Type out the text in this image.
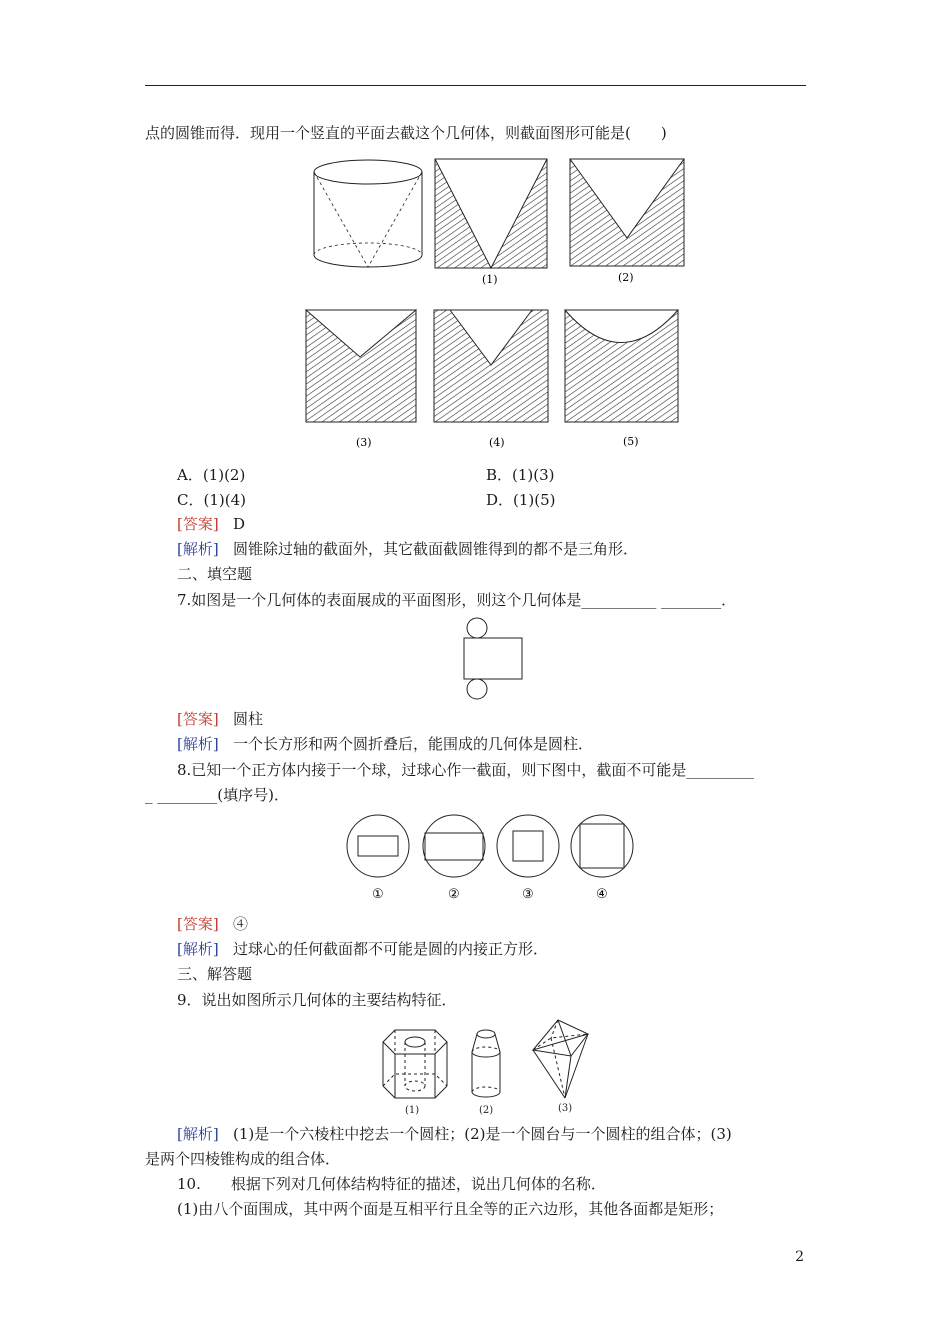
点的圆锥而得．现用一个竖直的平面去截这个几何体，则截面图形可能是(　　)
(1)	(2)
(3)	(4)	(5)
A．(1)(2)	B．(1)(3)
C．(1)(4)	D．(1)(5)
[答案] D
[解析] 圆锥除过轴的截面外，其它截面截圆锥得到的都不是三角形．
二、填空题
7.如图是一个几何体的表面展成的平面图形，则这个几何体是__________ ________．
[答案] 圆柱
[解析] 一个长方形和两个圆折叠后，能围成的几何体是圆柱．
8.已知一个正方体内接于一个球，过球心作一截面，则下图中，截面不可能是_________
_ ________(填序号)．
①	②	③	④
[答案] ④
[解析] 过球心的任何截面都不可能是圆的内接正方形．
三、解答题
9．说出如图所示几何体的主要结构特征．
(1)	(2)	(3)
[解析] (1)是一个六棱柱中挖去一个圆柱；(2)是一个圆台与一个圆柱的组合体；(3)
是两个四棱锥构成的组合体．
10.　　根据下列对几何体结构特征的描述，说出几何体的名称．
(1)由八个面围成，其中两个面是互相平行且全等的正六边形，其他各面都是矩形；
2
